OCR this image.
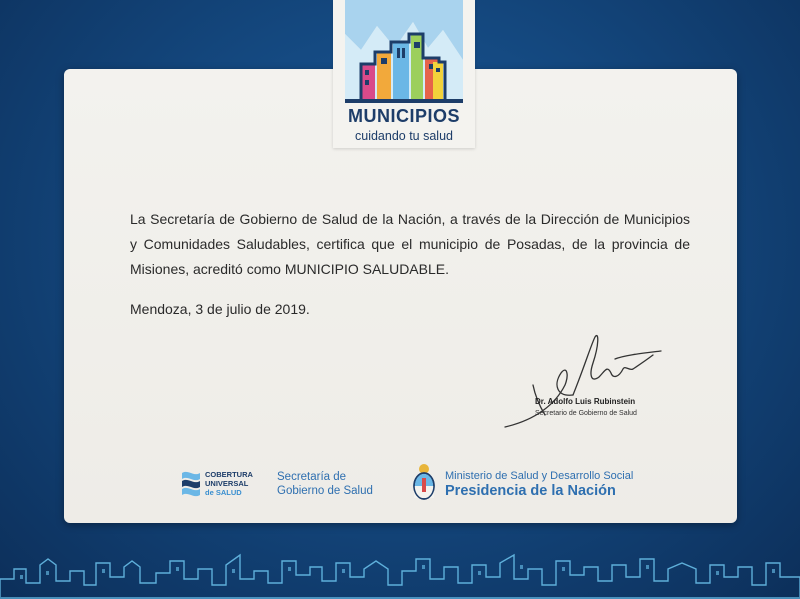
MUNICIPIOS
cuidando tu salud
La Secretaría de Gobierno de Salud de la Nación, a través de la Dirección de Municipios y Comunidades Saludables, certifica que el municipio de Posadas, de la provincia de Misiones, acreditó como MUNICIPIO SALUDABLE.
Mendoza, 3 de julio de 2019.
Dr. Adolfo Luis Rubinstein
Secretario de Gobierno de Salud
COBERTURA
UNIVERSAL
de SALUD
Secretaría de
Gobierno de Salud
Ministerio de Salud y Desarrollo Social
Presidencia de la Nación
